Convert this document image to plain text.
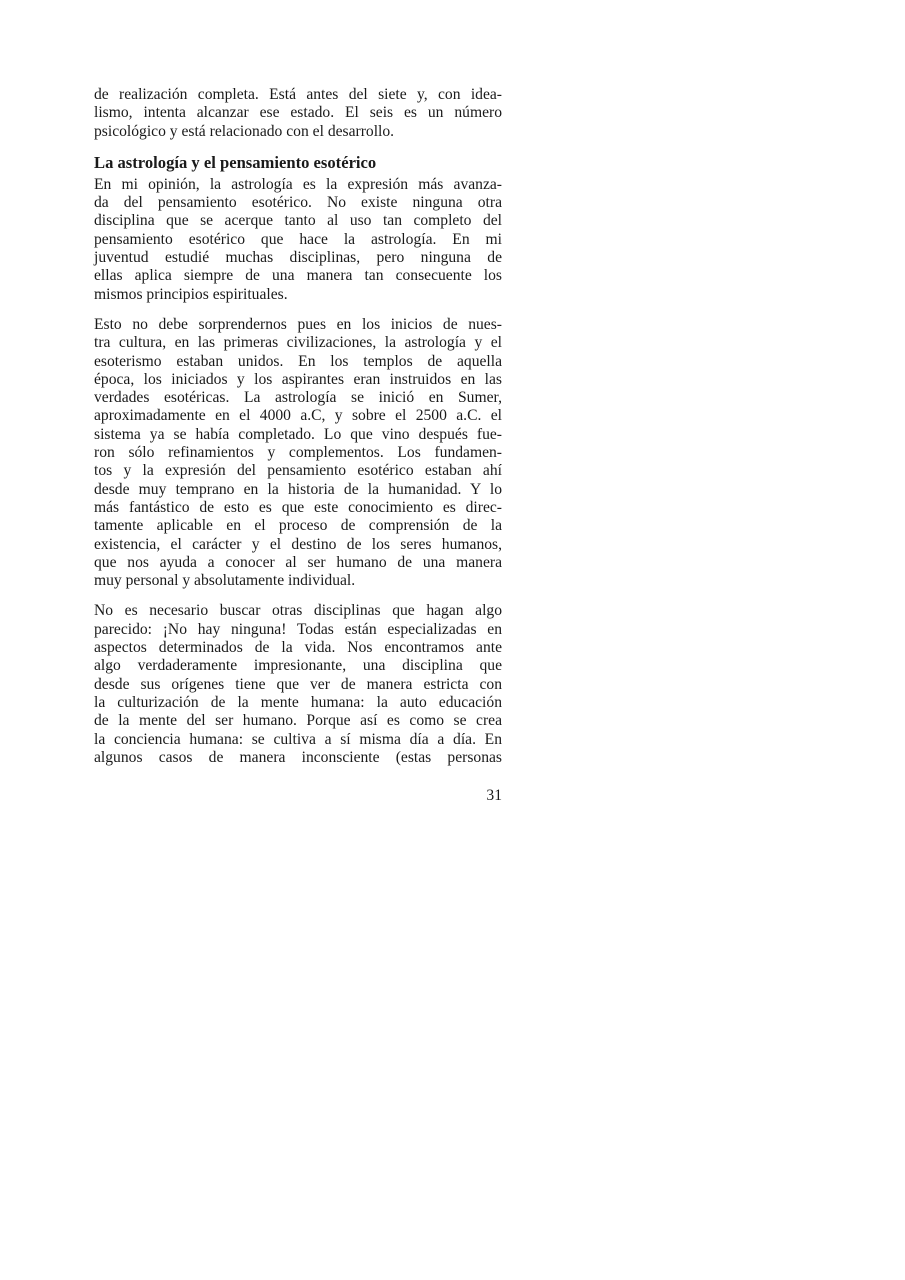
de realización completa. Está antes del siete y, con idea-
lismo, intenta alcanzar ese estado. El seis es un número
psicológico y está relacionado con el desarrollo.
La astrología y el pensamiento esotérico
En mi opinión, la astrología es la expresión más avanza-
da del pensamiento esotérico. No existe ninguna otra
disciplina que se acerque tanto al uso tan completo del
pensamiento esotérico que hace la astrología. En mi
juventud estudié muchas disciplinas, pero ninguna de
ellas aplica siempre de una manera tan consecuente los
mismos principios espirituales.
Esto no debe sorprendernos pues en los inicios de nues-
tra cultura, en las primeras civilizaciones, la astrología y el
esoterismo estaban unidos. En los templos de aquella
época, los iniciados y los aspirantes eran instruidos en las
verdades esotéricas. La astrología se inició en Sumer,
aproximadamente en el 4000 a.C, y sobre el 2500 a.C. el
sistema ya se había completado. Lo que vino después fue-
ron sólo refinamientos y complementos. Los fundamen-
tos y la expresión del pensamiento esotérico estaban ahí
desde muy temprano en la historia de la humanidad. Y lo
más fantástico de esto es que este conocimiento es direc-
tamente aplicable en el proceso de comprensión de la
existencia, el carácter y el destino de los seres humanos,
que nos ayuda a conocer al ser humano de una manera
muy personal y absolutamente individual.
No es necesario buscar otras disciplinas que hagan algo
parecido: ¡No hay ninguna! Todas están especializadas en
aspectos determinados de la vida. Nos encontramos ante
algo verdaderamente impresionante, una disciplina que
desde sus orígenes tiene que ver de manera estricta con
la culturización de la mente humana: la auto educación
de la mente del ser humano. Porque así es como se crea
la conciencia humana: se cultiva a sí misma día a día. En
algunos casos de manera inconsciente (estas personas
31
